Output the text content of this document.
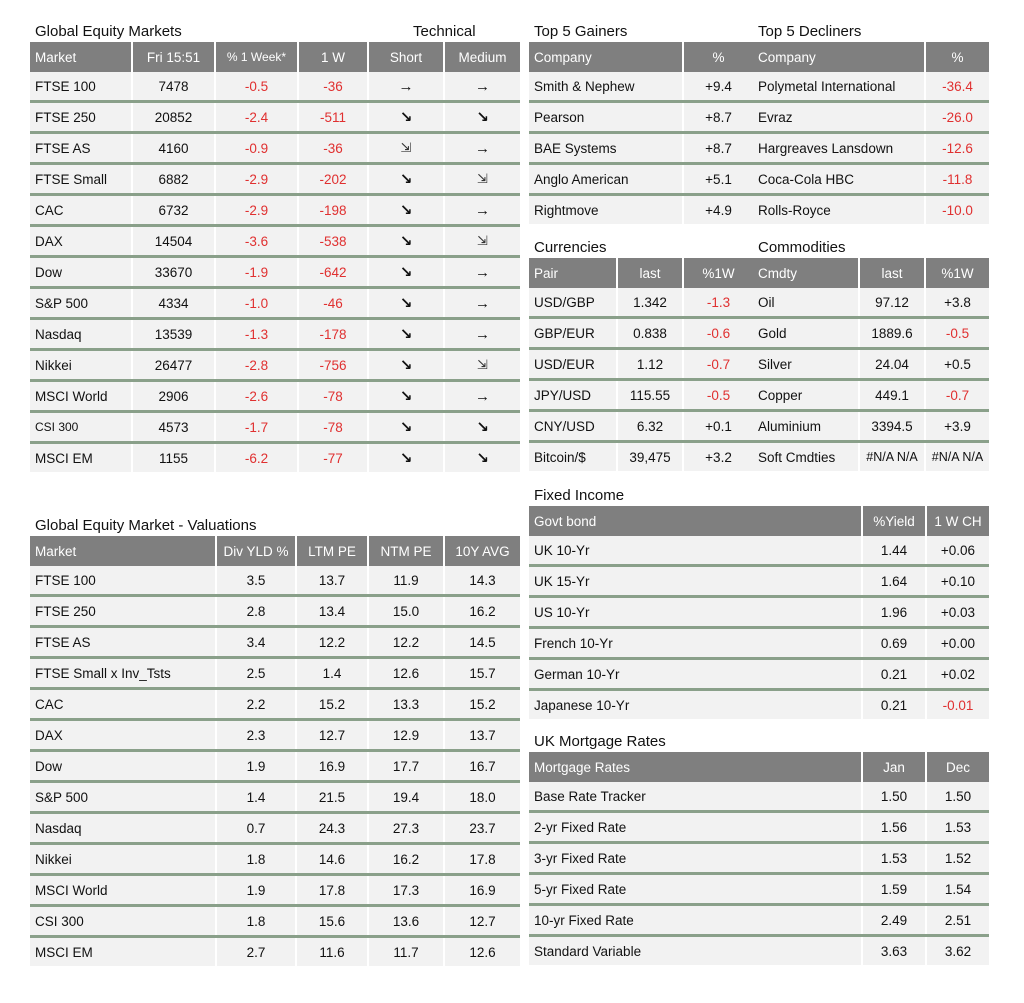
Global Equity Markets	Technical
Market	Fri 15:51	% 1 Week*	1 W	Short	Medium
FTSE 100	7478	-0.5	-36	→	→
FTSE 250	20852	-2.4	-511	↘	↘
FTSE AS	4160	-0.9	-36	⇲	→
FTSE Small	6882	-2.9	-202	↘	⇲
CAC	6732	-2.9	-198	↘	→
DAX	14504	-3.6	-538	↘	⇲
Dow	33670	-1.9	-642	↘	→
S&P 500	4334	-1.0	-46	↘	→
Nasdaq	13539	-1.3	-178	↘	→
Nikkei	26477	-2.8	-756	↘	⇲
MSCI World	2906	-2.6	-78	↘	→
CSI 300	4573	-1.7	-78	↘	↘
MSCI EM	1155	-6.2	-77	↘	↘
Top 5 Gainers
Company	%
Smith & Nephew	+9.4
Pearson	+8.7
BAE Systems	+8.7
Anglo American	+5.1
Rightmove	+4.9
Top 5 Decliners
Company	%
Polymetal International	-36.4
Evraz	-26.0
Hargreaves Lansdown	-12.6
Coca-Cola HBC	-11.8
Rolls-Royce	-10.0
Currencies
Pair	last	%1W
USD/GBP	1.342	-1.3
GBP/EUR	0.838	-0.6
USD/EUR	1.12	-0.7
JPY/USD	115.55	-0.5
CNY/USD	6.32	+0.1
Bitcoin/$	39,475	+3.2
Commodities
Cmdty	last	%1W
Oil	97.12	+3.8
Gold	1889.6	-0.5
Silver	24.04	+0.5
Copper	449.1	-0.7
Aluminium	3394.5	+3.9
Soft Cmdties	#N/A N/A	#N/A N/A
Fixed Income
Govt bond	%Yield	1 W CH
UK 10-Yr	1.44	+0.06
UK 15-Yr	1.64	+0.10
US 10-Yr	1.96	+0.03
French 10-Yr	0.69	+0.00
German 10-Yr	0.21	+0.02
Japanese 10-Yr	0.21	-0.01
Global Equity Market - Valuations
Market	Div YLD %	LTM PE	NTM PE	10Y AVG
FTSE 100	3.5	13.7	11.9	14.3
FTSE 250	2.8	13.4	15.0	16.2
FTSE AS	3.4	12.2	12.2	14.5
FTSE Small x Inv_Tsts	2.5	1.4	12.6	15.7
CAC	2.2	15.2	13.3	15.2
DAX	2.3	12.7	12.9	13.7
Dow	1.9	16.9	17.7	16.7
S&P 500	1.4	21.5	19.4	18.0
Nasdaq	0.7	24.3	27.3	23.7
Nikkei	1.8	14.6	16.2	17.8
MSCI World	1.9	17.8	17.3	16.9
CSI 300	1.8	15.6	13.6	12.7
MSCI EM	2.7	11.6	11.7	12.6
UK Mortgage Rates
Mortgage Rates	Jan	Dec
Base Rate Tracker	1.50	1.50
2-yr Fixed Rate	1.56	1.53
3-yr Fixed Rate	1.53	1.52
5-yr Fixed Rate	1.59	1.54
10-yr Fixed Rate	2.49	2.51
Standard Variable	3.63	3.62
